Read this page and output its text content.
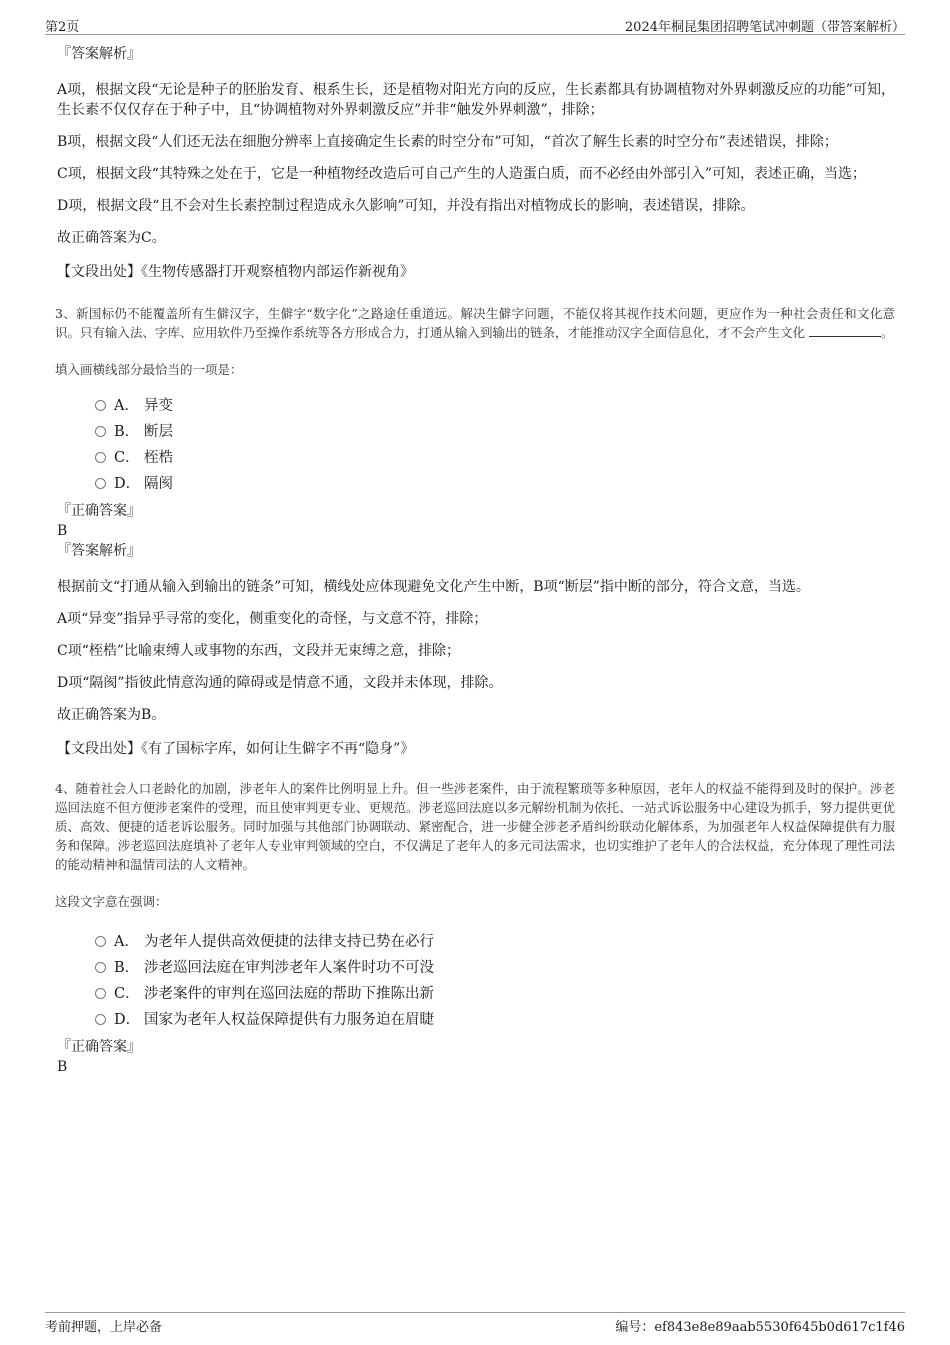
第2页	2024年桐昆集团招聘笔试冲刺题（带答案解析）
『答案解析』

A项，根据文段“无论是种子的胚胎发育、根系生长，还是植物对阳光方向的反应，生长素都具有协调植物对外界刺激反应的功能”可知，生长素不仅仅存在于种子中，且“协调植物对外界刺激反应”并非“触发外界刺激”，排除；

B项，根据文段“人们还无法在细胞分辨率上直接确定生长素的时空分布”可知，“首次了解生长素的时空分布”表述错误，排除；

C项，根据文段“其特殊之处在于，它是一种植物经改造后可自己产生的人造蛋白质，而不必经由外部引入”可知，表述正确，当选；

D项，根据文段“且不会对生长素控制过程造成永久影响”可知，并没有指出对植物成长的影响，表述错误，排除。

故正确答案为C。

【文段出处】《生物传感器打开观察植物内部运作新视角》

3、新国标仍不能覆盖所有生僻汉字，生僻字“数字化”之路途任重道远。解决生僻字问题，不能仅将其视作技术问题，更应作为一种社会责任和文化意识。只有输入法、字库、应用软件乃至操作系统等各方形成合力，打通从输入到输出的链条，才能推动汉字全面信息化，才不会产生文化	。

填入画横线部分最恰当的一项是：

A． 异变
B． 断层
C． 桎梏
D． 隔阂
『正确答案』
B
『答案解析』

根据前文“打通从输入到输出的链条”可知，横线处应体现避免文化产生中断，B项“断层”指中断的部分，符合文意，当选。

A项“异变”指异乎寻常的变化，侧重变化的奇怪，与文意不符，排除；

C项“桎梏”比喻束缚人或事物的东西，文段并无束缚之意，排除；

D项“隔阂”指彼此情意沟通的障碍或是情意不通，文段并未体现，排除。

故正确答案为B。

【文段出处】《有了国标字库，如何让生僻字不再“隐身”》

4、随着社会人口老龄化的加剧，涉老年人的案件比例明显上升。但一些涉老案件，由于流程繁琐等多种原因，老年人的权益不能得到及时的保护。涉老巡回法庭不但方便涉老案件的受理，而且使审判更专业、更规范。涉老巡回法庭以多元解纷机制为依托、一站式诉讼服务中心建设为抓手，努力提供更优质、高效、便捷的适老诉讼服务。同时加强与其他部门协调联动、紧密配合，进一步健全涉老矛盾纠纷联动化解体系，为加强老年人权益保障提供有力服务和保障。涉老巡回法庭填补了老年人专业审判领域的空白，不仅满足了老年人的多元司法需求，也切实维护了老年人的合法权益，充分体现了理性司法的能动精神和温情司法的人文精神。

这段文字意在强调：

A． 为老年人提供高效便捷的法律支持已势在必行
B． 涉老巡回法庭在审判涉老年人案件时功不可没
C． 涉老案件的审判在巡回法庭的帮助下推陈出新
D． 国家为老年人权益保障提供有力服务迫在眉睫
『正确答案』
B
考前押题，上岸必备	编号：ef843e8e89aab5530f645b0d617c1f46
